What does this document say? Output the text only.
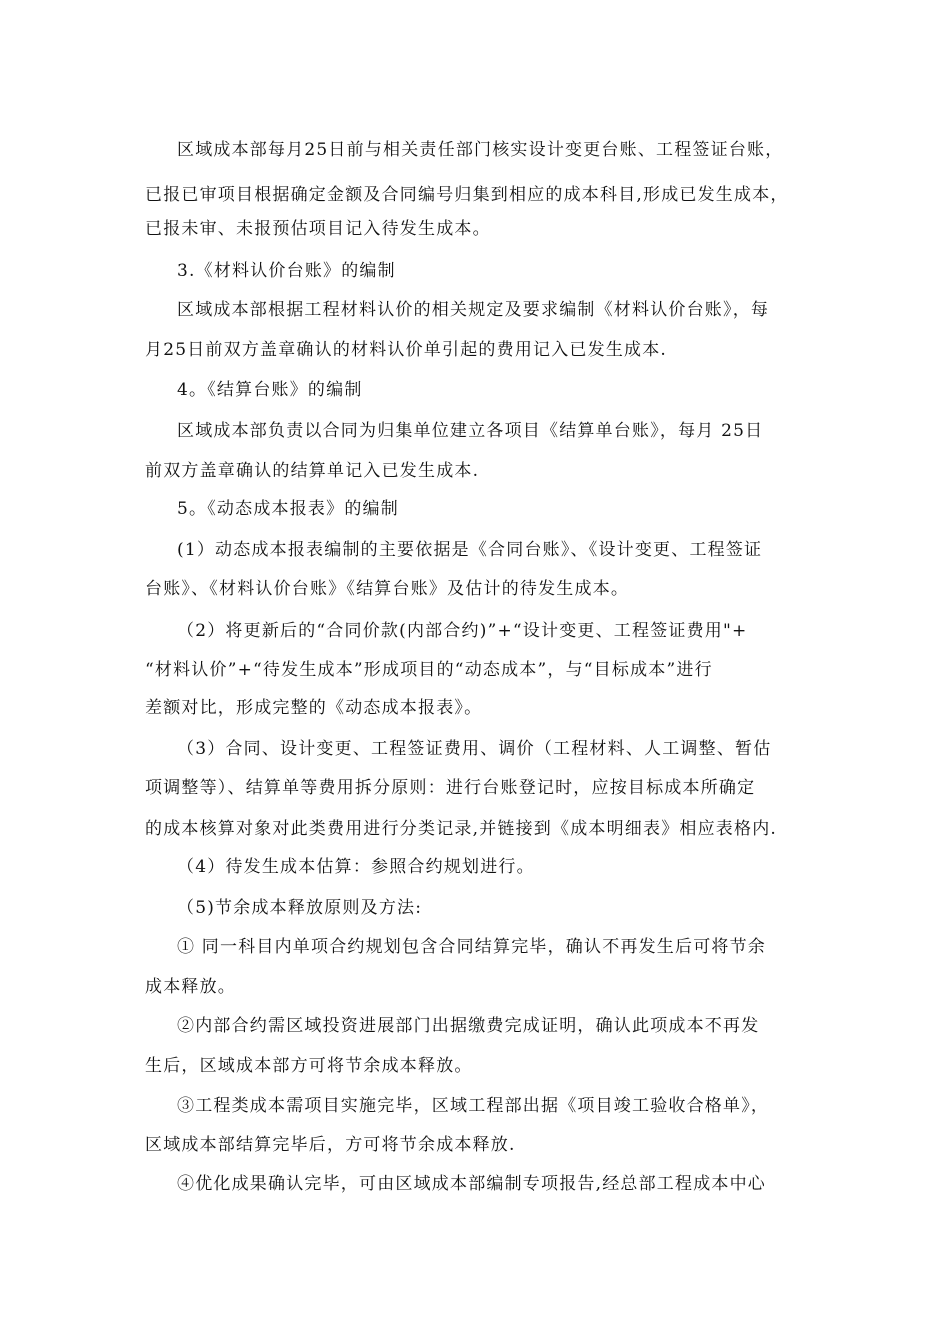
区域成本部每月25日前与相关责任部门核实设计变更台账、工程签证台账，
已报已审项目根据确定金额及合同编号归集到相应的成本科目,形成已发生成本，
已报未审、未报预估项目记入待发生成本。
3.《材料认价台账》的编制
区域成本部根据工程材料认价的相关规定及要求编制《材料认价台账》，每
月25日前双方盖章确认的材料认价单引起的费用记入已发生成本.
4。《结算台账》的编制
区域成本部负责以合同为归集单位建立各项目《结算单台账》，每月 25日
前双方盖章确认的结算单记入已发生成本.
5。《动态成本报表》的编制
(1）动态成本报表编制的主要依据是《合同台账》、《设计变更、工程签证
台账》、《材料认价台账》《结算台账》及估计的待发生成本。
（2）将更新后的“合同价款(内部合约)”+“设计变更、工程签证费用"+
“材料认价”+“待发生成本”形成项目的“动态成本”，与“目标成本”进行
差额对比，形成完整的《动态成本报表》。
（3）合同、设计变更、工程签证费用、调价（工程材料、人工调整、暂估
项调整等）、结算单等费用拆分原则：进行台账登记时，应按目标成本所确定
的成本核算对象对此类费用进行分类记录,并链接到《成本明细表》相应表格内.
（4）待发生成本估算：参照合约规划进行。
（5)节余成本释放原则及方法:
① 同一科目内单项合约规划包含合同结算完毕，确认不再发生后可将节余
成本释放。
②内部合约需区域投资进展部门出据缴费完成证明，确认此项成本不再发
生后，区域成本部方可将节余成本释放。
③工程类成本需项目实施完毕，区域工程部出据《项目竣工验收合格单》，
区域成本部结算完毕后，方可将节余成本释放.
④优化成果确认完毕，可由区域成本部编制专项报告,经总部工程成本中心
